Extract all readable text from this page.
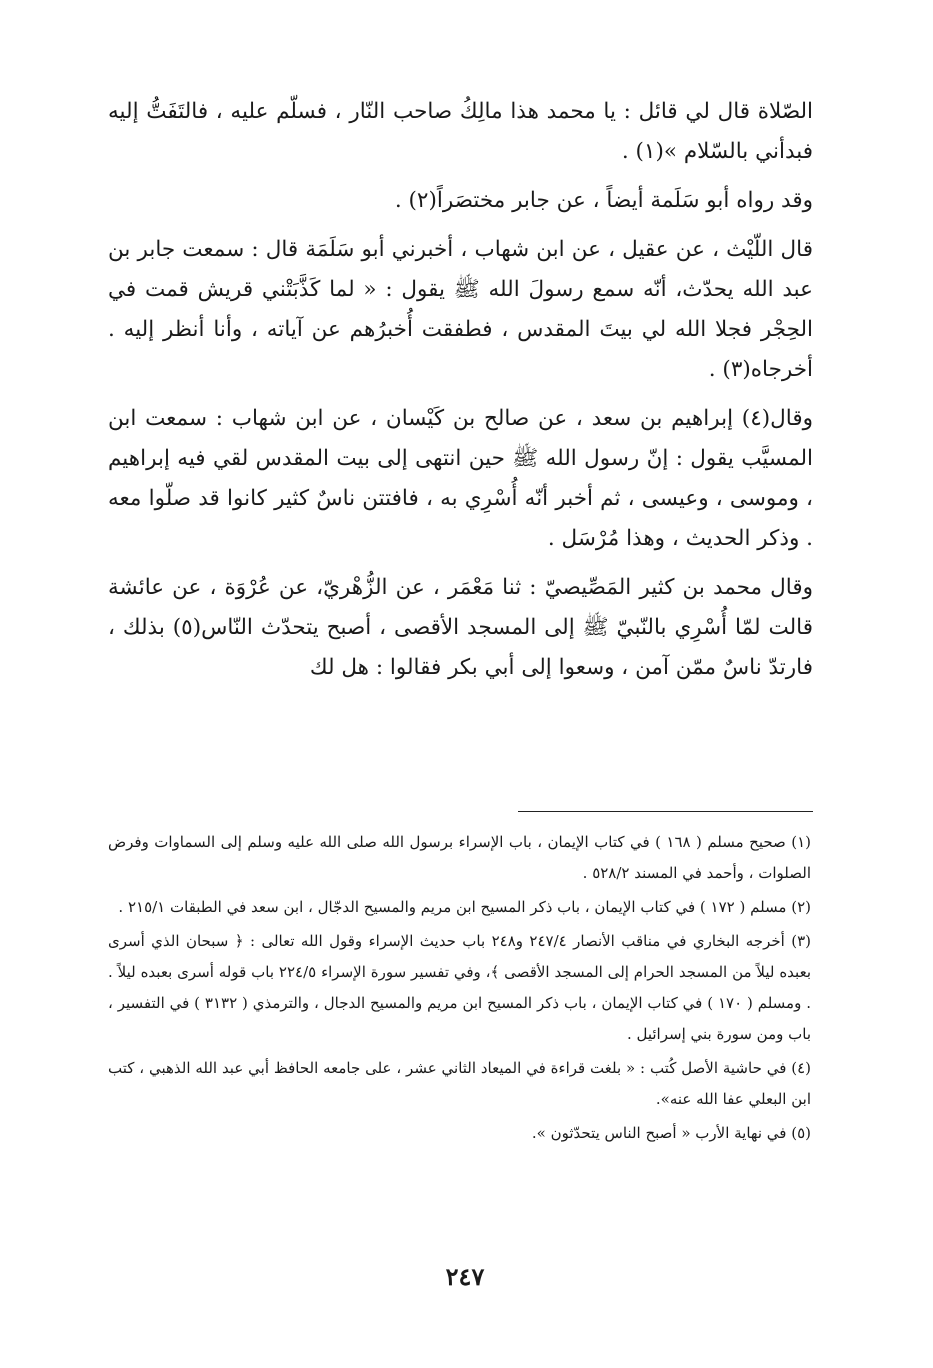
الصّلاة قال لي قائل : يا محمد هذا مالِكُ صاحب النّار ، فسلّم عليه ، فالتَفَتُّ إليه فبدأني بالسّلام »(١) .

وقد رواه أبو سَلَمة أيضاً ، عن جابر مختصَراً(٢) .

قال اللّيْث ، عن عقيل ، عن ابن شهاب ، أخبرني أبو سَلَمَة قال : سمعت جابر بن عبد الله يحدّث، أنّه سمع رسولَ الله ﷺ يقول : « لما كَذَّبَتْني قريش قمت في الحِجْر فجلا الله لي بيتَ المقدس ، فطفقت أُخبرُهم عن آياته ، وأنا أنظر إليه . أخرجاه(٣) .

وقال(٤) إبراهيم بن سعد ، عن صالح بن كَيْسان ، عن ابن شهاب : سمعت ابن المسيَّب يقول : إنّ رسول الله ﷺ حين انتهى إلى بيت المقدس لقي فيه إبراهيم ، وموسى ، وعيسى ، ثم أخبر أنّه أُسْرِي به ، فافتتن ناسٌ كثير كانوا قد صلّوا معه . وذكر الحديث ، وهذا مُرْسَل .

وقال محمد بن كثير المَصِّيصيّ : ثنا مَعْمَر ، عن الزُّهْريّ، عن عُرْوَة ، عن عائشة قالت لمّا أُسْرِي بالنّبيّ ﷺ إلى المسجد الأقصى ، أصبح يتحدّث النّاس(٥) بذلك ، فارتدّ ناسٌ ممّن آمن ، وسعوا إلى أبي بكر فقالوا : هل لك

(١) صحيح مسلم ( ١٦٨ ) في كتاب الإيمان ، باب الإسراء برسول الله صلى الله عليه وسلم إلى السماوات وفرض الصلوات ، وأحمد في المسند ٥٢٨/٢ .

(٢) مسلم ( ١٧٢ ) في كتاب الإيمان ، باب ذكر المسيح ابن مريم والمسيح الدجّال ، ابن سعد في الطبقات ٢١٥/١ .

(٣) أخرجه البخاري في مناقب الأنصار ٢٤٧/٤ و٢٤٨ باب حديث الإسراء وقول الله تعالى : ﴿ سبحان الذي أسرى بعبده ليلاً من المسجد الحرام إلى المسجد الأقصى ﴾، وفي تفسير سورة الإسراء ٢٢٤/٥ باب قوله أسرى بعبده ليلاً . . ومسلم ( ١٧٠ ) في كتاب الإيمان ، باب ذكر المسيح ابن مريم والمسيح الدجال ، والترمذي ( ٣١٣٢ ) في التفسير ، باب ومن سورة بني إسرائيل .

(٤) في حاشية الأصل كُتب : « بلغت قراءة في الميعاد الثاني عشر ، على جامعه الحافظ أبي عبد الله الذهبي ، كتب ابن البعلي عفا الله عنه».

(٥) في نهاية الأرب « أصبح الناس يتحدّثون ».

٢٤٧
